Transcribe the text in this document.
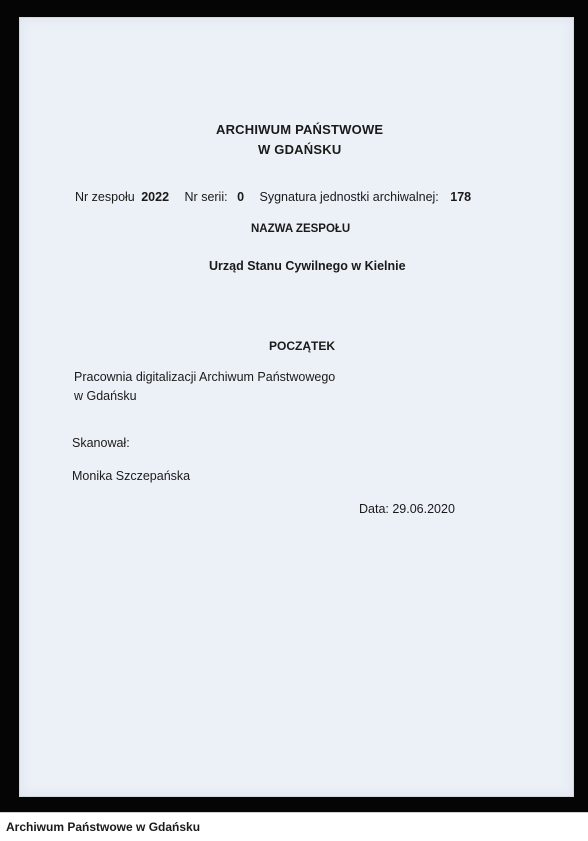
ARCHIWUM PAŃSTWOWE
W GDAŃSKU
Nr zespołu 2022 Nr serii: 0 Sygnatura jednostki archiwalnej: 178
NAZWA ZESPOŁU
Urząd Stanu Cywilnego w Kielnie
POCZĄTEK
Pracownia digitalizacji Archiwum Państwowego
w Gdańsku
Skanował:
Monika Szczepańska
Data: 29.06.2020
Archiwum Państwowe w Gdańsku
